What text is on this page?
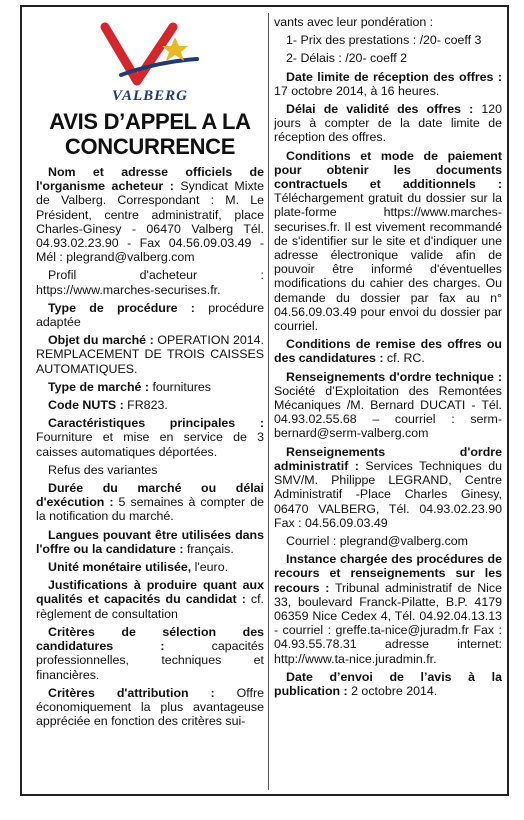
VALBERG
AVIS D’APPEL A LA CONCURRENCE

Nom et adresse officiels de l'organisme acheteur : Syndicat Mixte de Valberg. Correspondant : M. Le Président, centre administratif, place Charles-Ginesy - 06470 Valberg Tél. 04.93.02.23.90 - Fax 04.56.09.03.49 - Mél : plegrand@valberg.com

Profil d'acheteur : https://www.marches-securises.fr.

Type de procédure : procédure adaptée

Objet du marché : OPERATION 2014. REMPLACEMENT DE TROIS CAISSES AUTOMATIQUES.

Type de marché : fournitures

Code NUTS : FR823.

Caractéristiques principales : Fourniture et mise en service de 3 caisses automatiques déportées.

Refus des variantes

Durée du marché ou délai d'exécution : 5 semaines à compter de la notification du marché.

Langues pouvant être utilisées dans l'offre ou la candidature : français.

Unité monétaire utilisée, l'euro.

Justifications à produire quant aux qualités et capacités du candidat : cf. règlement de consultation

Critères de sélection des candidatures : capacités professionnelles, techniques et financières.

Critères d'attribution : Offre économiquement la plus avantageuse appréciée en fonction des critères sui-

vants avec leur pondération :

1- Prix des prestations : /20- coeff 3

2- Délais : /20- coeff 2

Date limite de réception des offres : 17 octobre 2014, à 16 heures.

Délai de validité des offres : 120 jours à compter de la date limite de réception des offres.

Conditions et mode de paiement pour obtenir les documents contractuels et additionnels : Téléchargement gratuit du dossier sur la plate-forme https://www.marches-securises.fr. Il est vivement recommandé de s'identifier sur le site et d'indiquer une adresse électronique valide afin de pouvoir être informé d'éventuelles modifications du cahier des charges. Ou demande du dossier par fax au n° 04.56.09.03.49 pour envoi du dossier par courriel.

Conditions de remise des offres ou des candidatures : cf. RC.

Renseignements d'ordre technique : Société d’Exploitation des Remontées Mécaniques /M. Bernard DUCATI - Tél. 04.93.02.55.68 – courriel : serm-bernard@serm-valberg.com

Renseignements d'ordre administratif : Services Techniques du SMV/M. Philippe LEGRAND, Centre Administratif -Place Charles Ginesy, 06470 VALBERG, Tél. 04.93.02.23.90 Fax : 04.56.09.03.49

Courriel : plegrand@valberg.com

Instance chargée des procédures de recours et renseignements sur les recours : Tribunal administratif de Nice 33, boulevard Franck-Pilatte, B.P. 4179 06359 Nice Cedex 4, Tél. 04.92.04.13.13 - courriel : greffe.ta-nice@juradm.fr Fax : 04.93.55.78.31 adresse internet: http://www.ta-nice.juradmin.fr.

Date d’envoi de l’avis à la publication : 2 octobre 2014.
